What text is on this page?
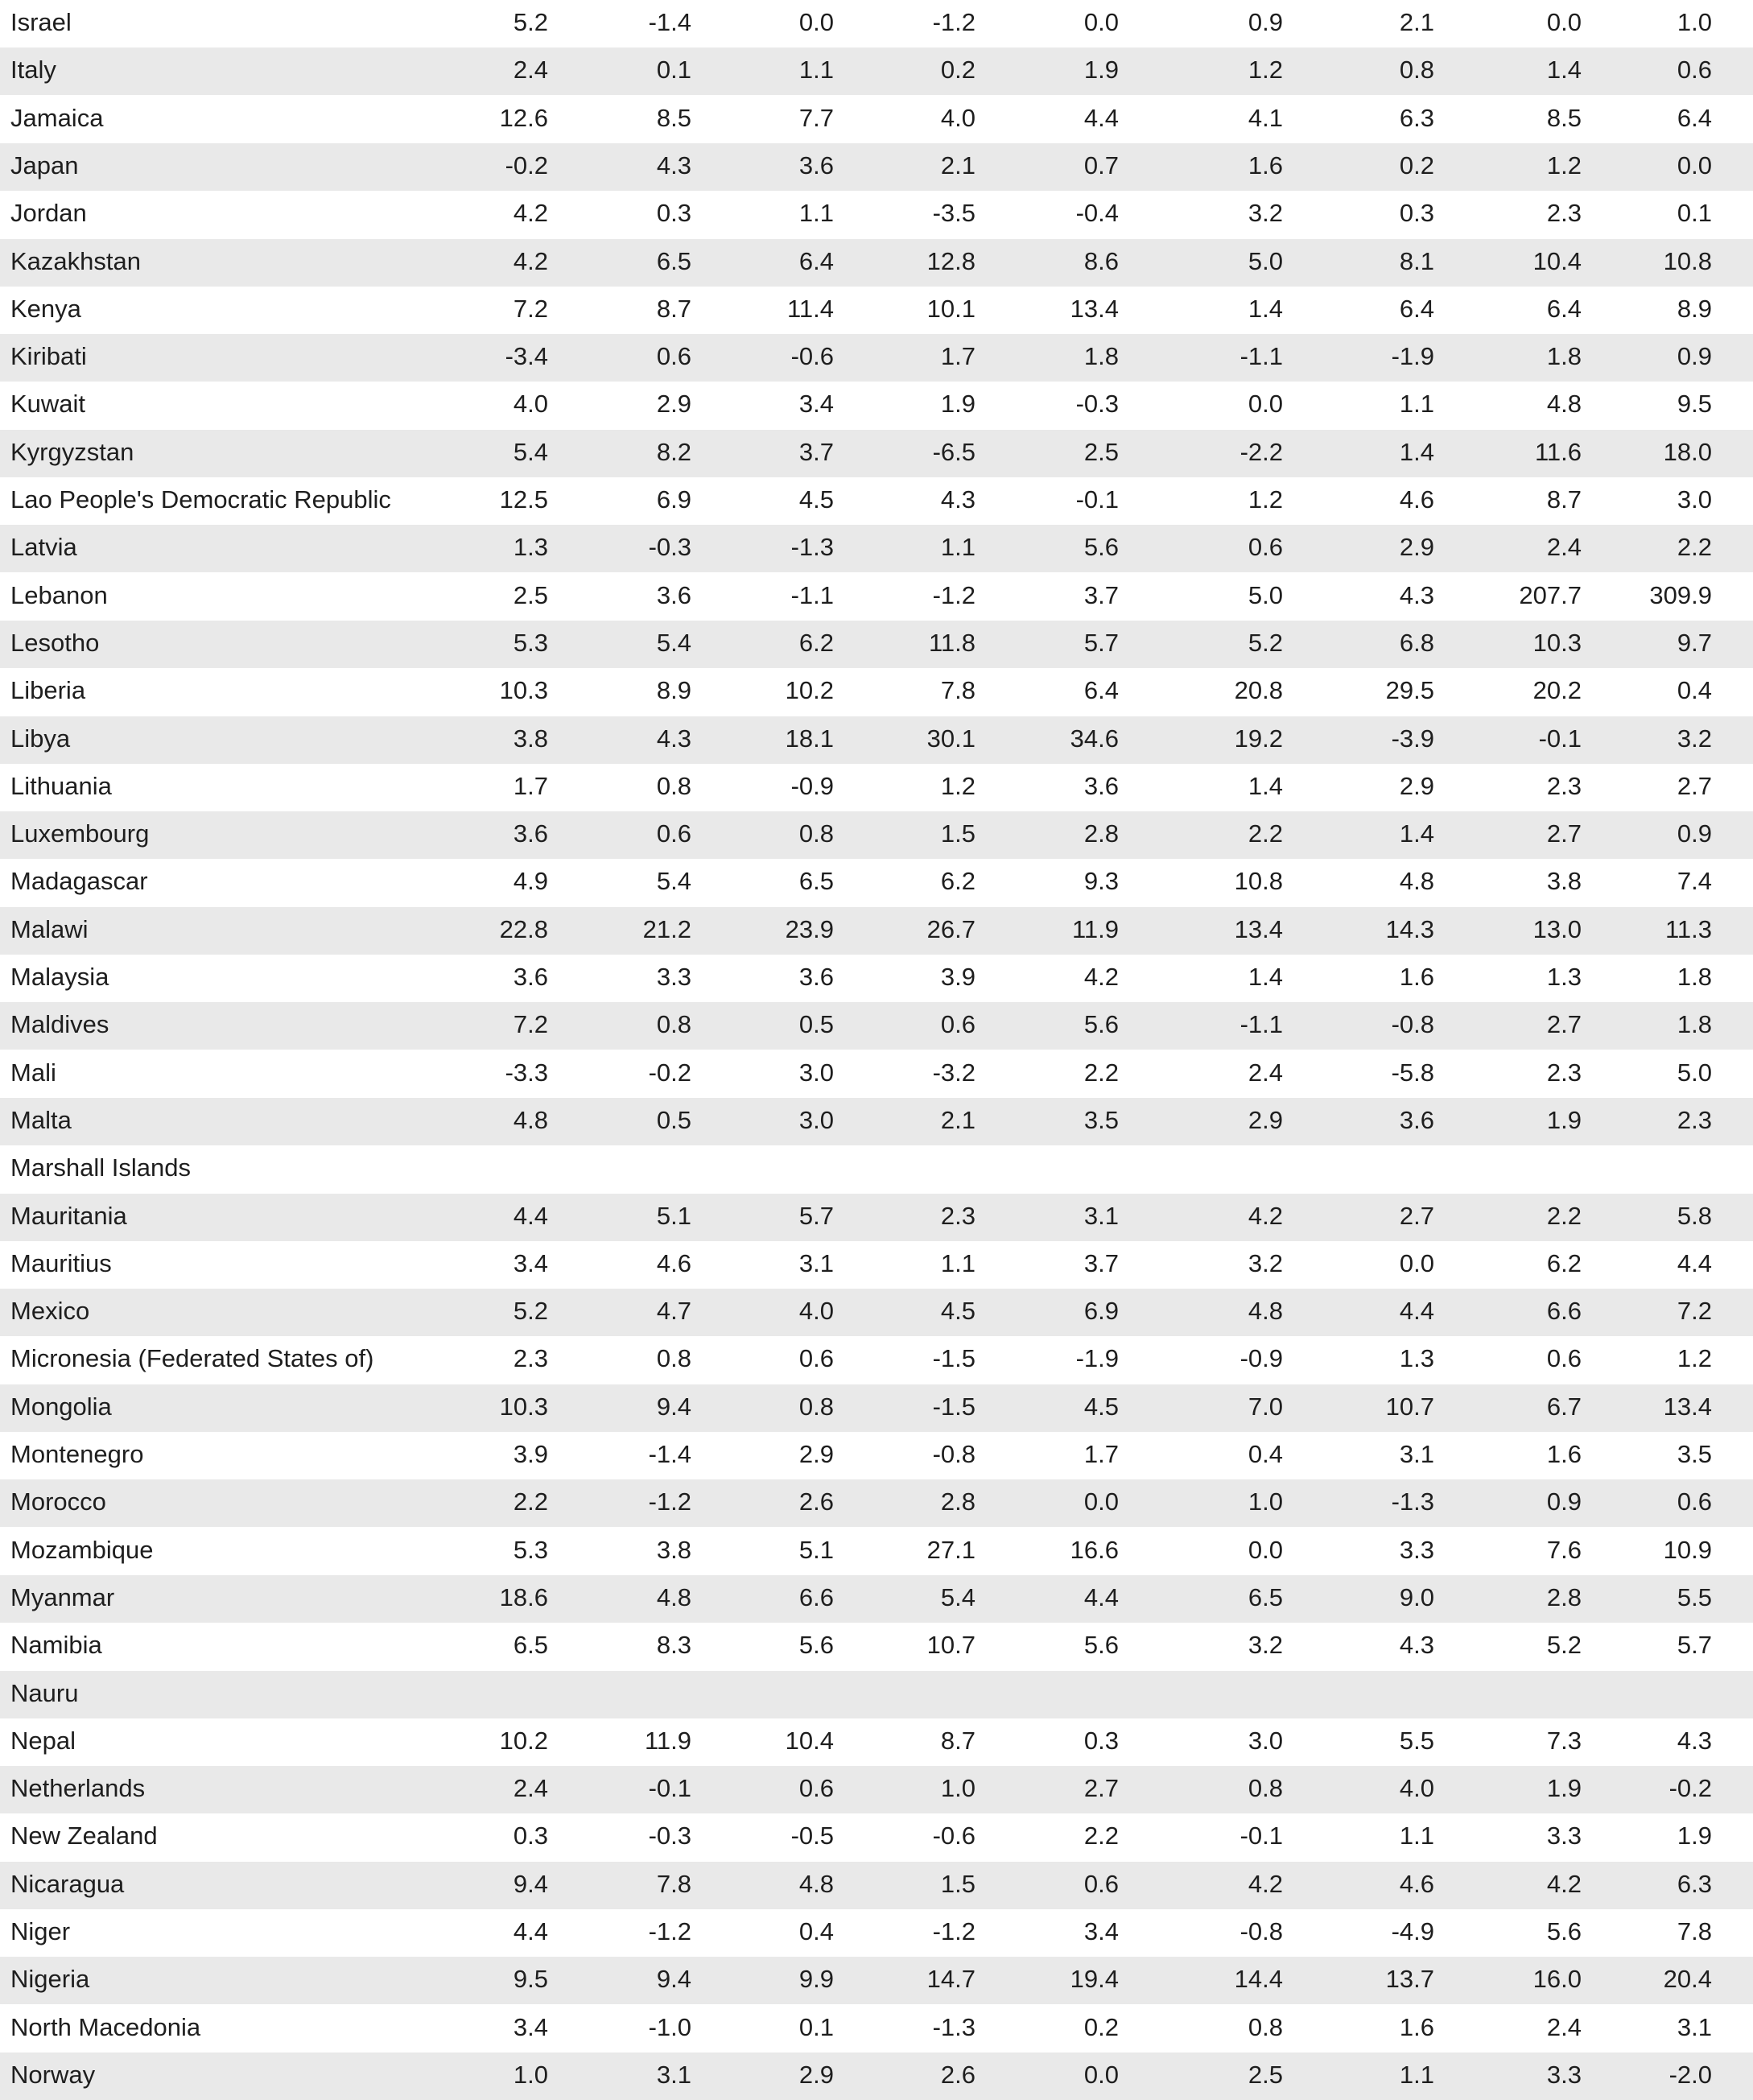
Israel	5.2	-1.4	0.0	-1.2	0.0	0.9	2.1	0.0	1.0
Italy	2.4	0.1	1.1	0.2	1.9	1.2	0.8	1.4	0.6
Jamaica	12.6	8.5	7.7	4.0	4.4	4.1	6.3	8.5	6.4
Japan	-0.2	4.3	3.6	2.1	0.7	1.6	0.2	1.2	0.0
Jordan	4.2	0.3	1.1	-3.5	-0.4	3.2	0.3	2.3	0.1
Kazakhstan	4.2	6.5	6.4	12.8	8.6	5.0	8.1	10.4	10.8
Kenya	7.2	8.7	11.4	10.1	13.4	1.4	6.4	6.4	8.9
Kiribati	-3.4	0.6	-0.6	1.7	1.8	-1.1	-1.9	1.8	0.9
Kuwait	4.0	2.9	3.4	1.9	-0.3	0.0	1.1	4.8	9.5
Kyrgyzstan	5.4	8.2	3.7	-6.5	2.5	-2.2	1.4	11.6	18.0
Lao People's Democratic Republic	12.5	6.9	4.5	4.3	-0.1	1.2	4.6	8.7	3.0
Latvia	1.3	-0.3	-1.3	1.1	5.6	0.6	2.9	2.4	2.2
Lebanon	2.5	3.6	-1.1	-1.2	3.7	5.0	4.3	207.7	309.9
Lesotho	5.3	5.4	6.2	11.8	5.7	5.2	6.8	10.3	9.7
Liberia	10.3	8.9	10.2	7.8	6.4	20.8	29.5	20.2	0.4
Libya	3.8	4.3	18.1	30.1	34.6	19.2	-3.9	-0.1	3.2
Lithuania	1.7	0.8	-0.9	1.2	3.6	1.4	2.9	2.3	2.7
Luxembourg	3.6	0.6	0.8	1.5	2.8	2.2	1.4	2.7	0.9
Madagascar	4.9	5.4	6.5	6.2	9.3	10.8	4.8	3.8	7.4
Malawi	22.8	21.2	23.9	26.7	11.9	13.4	14.3	13.0	11.3
Malaysia	3.6	3.3	3.6	3.9	4.2	1.4	1.6	1.3	1.8
Maldives	7.2	0.8	0.5	0.6	5.6	-1.1	-0.8	2.7	1.8
Mali	-3.3	-0.2	3.0	-3.2	2.2	2.4	-5.8	2.3	5.0
Malta	4.8	0.5	3.0	2.1	3.5	2.9	3.6	1.9	2.3
Marshall Islands
Mauritania	4.4	5.1	5.7	2.3	3.1	4.2	2.7	2.2	5.8
Mauritius	3.4	4.6	3.1	1.1	3.7	3.2	0.0	6.2	4.4
Mexico	5.2	4.7	4.0	4.5	6.9	4.8	4.4	6.6	7.2
Micronesia (Federated States of)	2.3	0.8	0.6	-1.5	-1.9	-0.9	1.3	0.6	1.2
Mongolia	10.3	9.4	0.8	-1.5	4.5	7.0	10.7	6.7	13.4
Montenegro	3.9	-1.4	2.9	-0.8	1.7	0.4	3.1	1.6	3.5
Morocco	2.2	-1.2	2.6	2.8	0.0	1.0	-1.3	0.9	0.6
Mozambique	5.3	3.8	5.1	27.1	16.6	0.0	3.3	7.6	10.9
Myanmar	18.6	4.8	6.6	5.4	4.4	6.5	9.0	2.8	5.5
Namibia	6.5	8.3	5.6	10.7	5.6	3.2	4.3	5.2	5.7
Nauru
Nepal	10.2	11.9	10.4	8.7	0.3	3.0	5.5	7.3	4.3
Netherlands	2.4	-0.1	0.6	1.0	2.7	0.8	4.0	1.9	-0.2
New Zealand	0.3	-0.3	-0.5	-0.6	2.2	-0.1	1.1	3.3	1.9
Nicaragua	9.4	7.8	4.8	1.5	0.6	4.2	4.6	4.2	6.3
Niger	4.4	-1.2	0.4	-1.2	3.4	-0.8	-4.9	5.6	7.8
Nigeria	9.5	9.4	9.9	14.7	19.4	14.4	13.7	16.0	20.4
North Macedonia	3.4	-1.0	0.1	-1.3	0.2	0.8	1.6	2.4	3.1
Norway	1.0	3.1	2.9	2.6	0.0	2.5	1.1	3.3	-2.0
